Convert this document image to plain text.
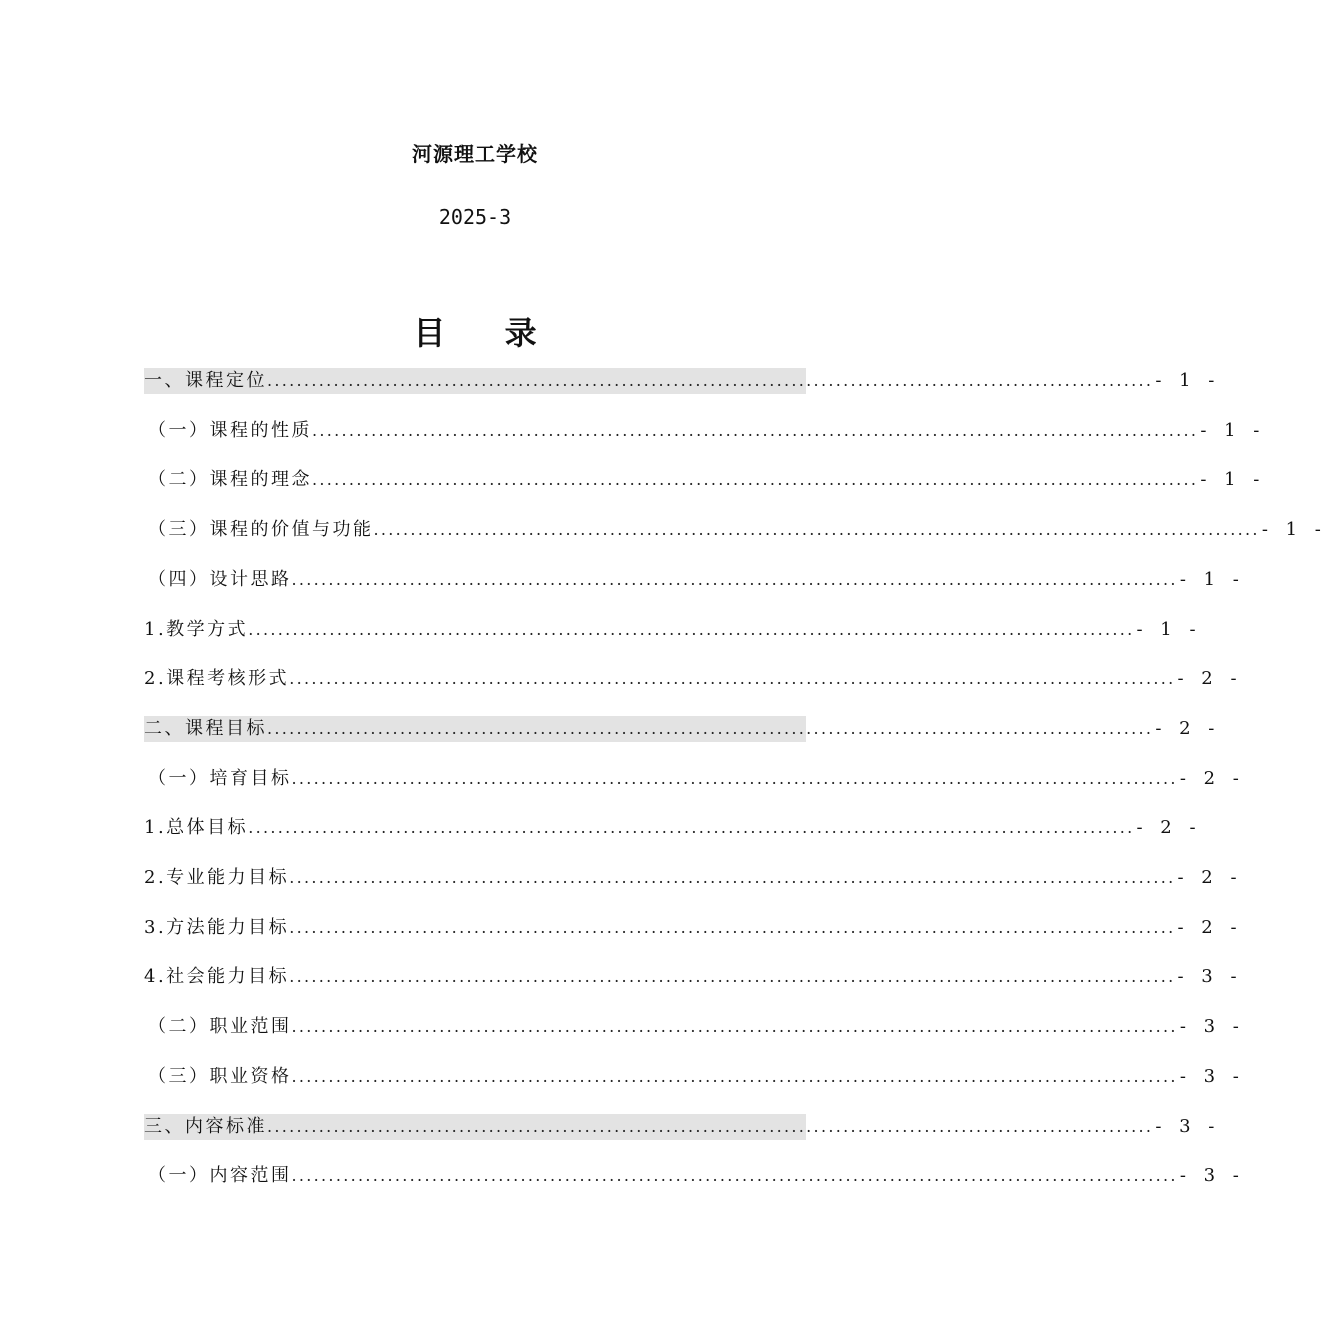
河源理工学校
2025-3
目 录
一、课程定位 ........................................................................................................................ - 1 -
（一）课程的性质 ........................................................................................................................ - 1 -
（二）课程的理念 ........................................................................................................................ - 1 -
（三）课程的价值与功能 ........................................................................................................................ - 1 -
（四）设计思路 ........................................................................................................................ - 1 -
1.教学方式 ........................................................................................................................ - 1 -
2.课程考核形式 ........................................................................................................................ - 2 -
二、课程目标 ........................................................................................................................ - 2 -
（一）培育目标 ........................................................................................................................ - 2 -
1.总体目标 ........................................................................................................................ - 2 -
2.专业能力目标 ........................................................................................................................ - 2 -
3.方法能力目标 ........................................................................................................................ - 2 -
4.社会能力目标 ........................................................................................................................ - 3 -
（二）职业范围 ........................................................................................................................ - 3 -
（三）职业资格 ........................................................................................................................ - 3 -
三、内容标准 ........................................................................................................................ - 3 -
（一）内容范围 ........................................................................................................................ - 3 -
